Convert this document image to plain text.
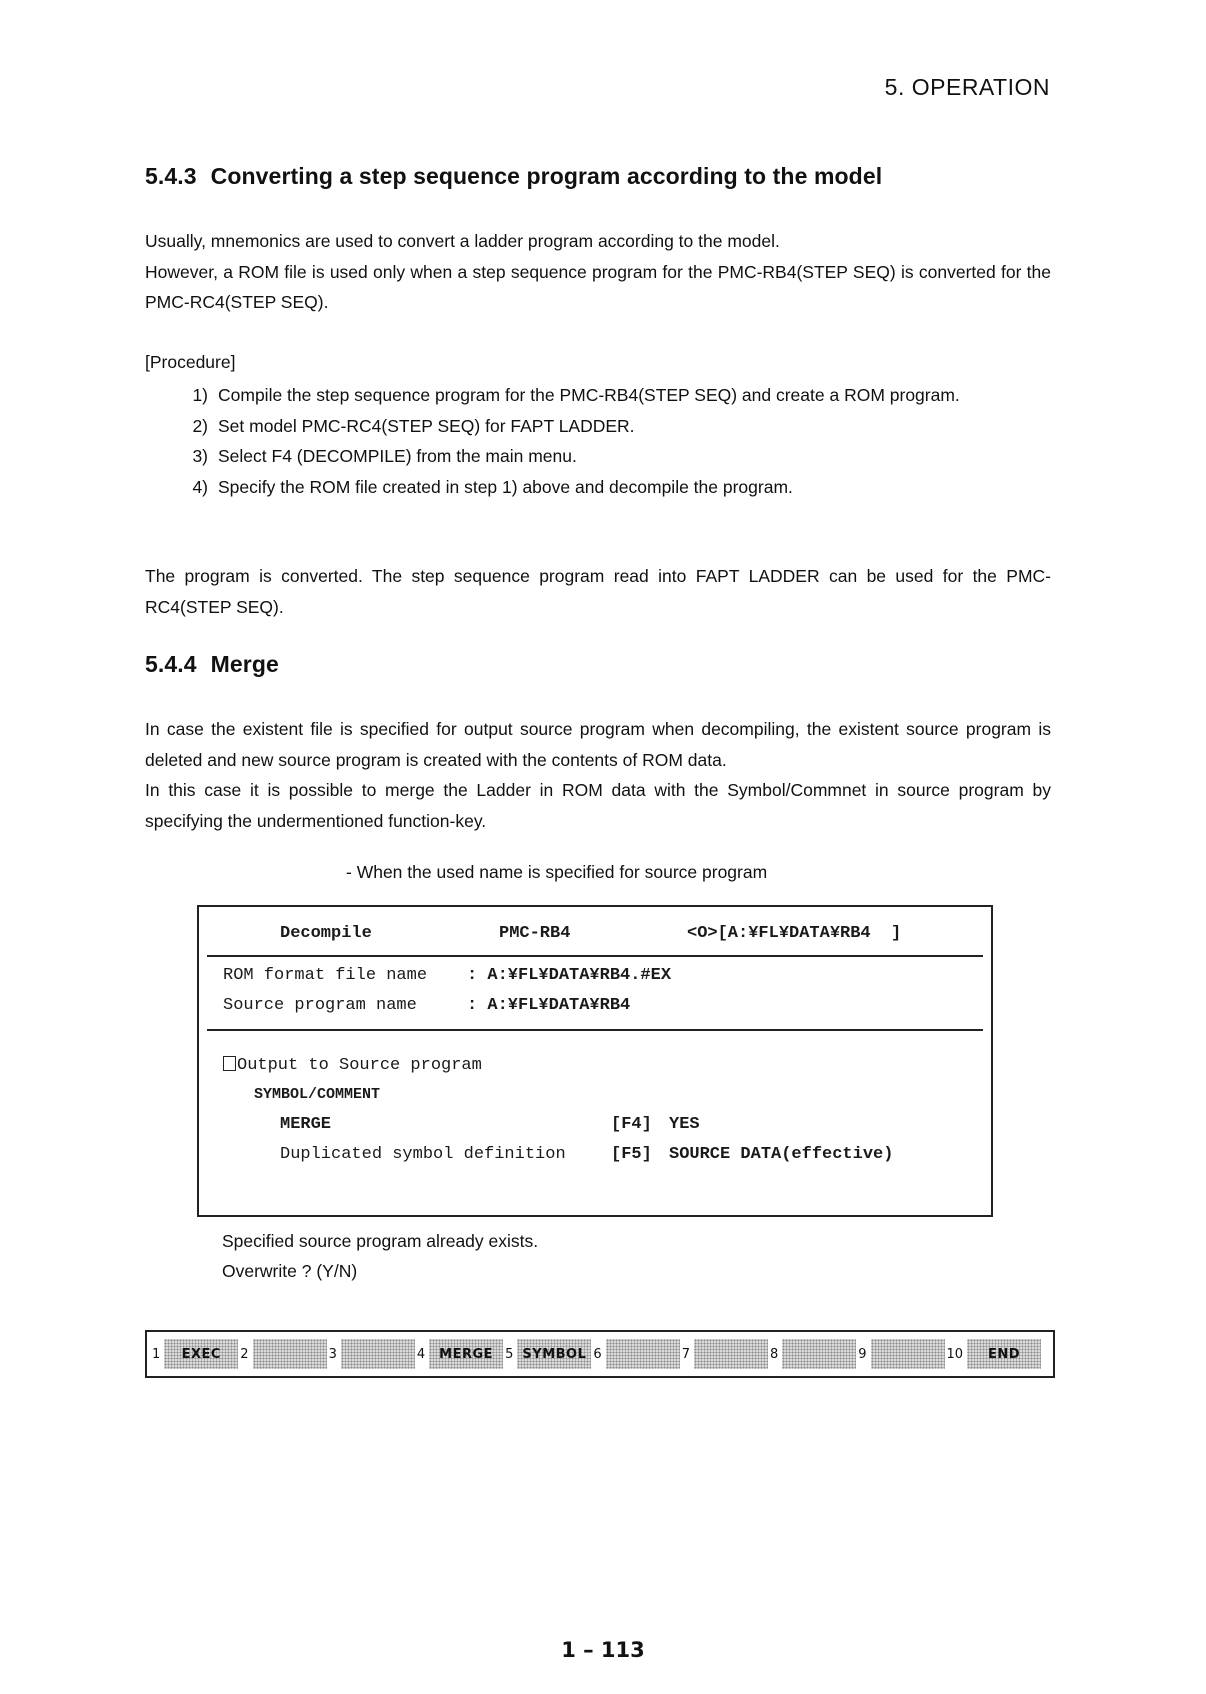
5. OPERATION
5.4.3 Converting a step sequence program according to the model
Usually, mnemonics are used to convert a ladder program according to the model.
However, a ROM file is used only when a step sequence program for the PMC-RB4(STEP SEQ) is converted for the PMC-RC4(STEP SEQ).
[Procedure]
1) Compile the step sequence program for the PMC-RB4(STEP SEQ) and create a ROM program.
2) Set model PMC-RC4(STEP SEQ) for FAPT LADDER.
3) Select F4 (DECOMPILE) from the main menu.
4) Specify the ROM file created in step 1) above and decompile the program.
The program is converted. The step sequence program read into FAPT LADDER can be used for the PMC-RC4(STEP SEQ).
5.4.4 Merge
In case the existent file is specified for output source program when decompiling, the existent source program is deleted and new source program is created with the contents of ROM data.
In this case it is possible to merge the Ladder in ROM data with the Symbol/Commnet in source program by specifying the undermentioned function-key.
- When the used name is specified for source program
Decompile	PMC-RB4	<O>[A:¥FL¥DATA¥RB4  ]
ROM format file name : A:¥FL¥DATA¥RB4.#EX
Source program name	: A:¥FL¥DATA¥RB4
Output to Source program
SYMBOL/COMMENT
MERGE	[F4] YES
Duplicated symbol definition	[F5] SOURCE DATA(effective)
Specified source program already exists.
Overwrite ? (Y/N)
1	EXEC	2	3	4	MERGE 5 SYMBOL 6	7	8	9	10	END
1 – 113
